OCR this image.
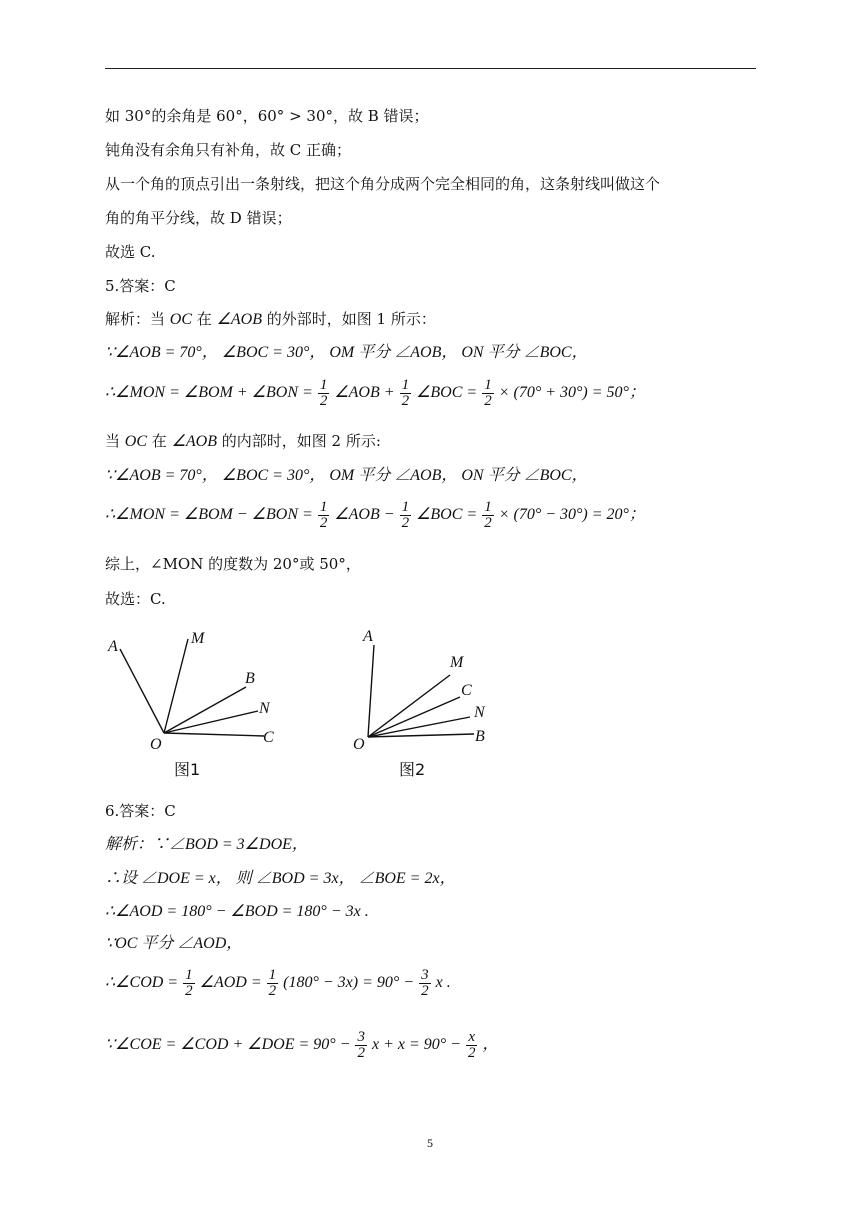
如 30°的余角是 60°，60° > 30°，故 B 错误；
钝角没有余角只有补角，故 C 正确；
从一个角的顶点引出一条射线，把这个角分成两个完全相同的角，这条射线叫做这个
角的角平分线，故 D 错误；
故选 C.
5.答案：C
解析：当 OC 在 ∠AOB 的外部时，如图 1 所示：
∵∠AOB = 70°， ∠BOC = 30°， OM 平分 ∠AOB， ON 平分 ∠BOC，
∴∠MON = ∠BOM + ∠BON = $\frac{1}{2}$ ∠AOB + $\frac{1}{2}$ ∠BOC = $\frac{1}{2} \times (70^\circ + 30^\circ) = 50^\circ$；
当 OC 在 ∠AOB 的内部时，如图 2 所示:
∵∠AOB = 70°， ∠BOC = 30°， OM 平分 ∠AOB， ON 平分 ∠BOC，
∴∠MON = ∠BOM − ∠BON = $\frac{1}{2}$ ∠AOB − $\frac{1}{2}$ ∠BOC = $\frac{1}{2} \times (70^\circ - 30^\circ) = 20^\circ$；
综上，∠MON 的度数为 20°或 50°，
故选：C.
A	M
B
N
C
O
A
M
C
N
B
O
图1	图2
6.答案：C
解析：∵∠BOD = 3∠DOE，
∴设 ∠DOE = x， 则 ∠BOD = 3x， ∠BOE = 2x，
∴∠AOD = 180° − ∠BOD = 180° − 3x .
∵OC 平分 ∠AOD，
∴∠COD = $\frac{1}{2}$ ∠AOD = $\frac{1}{2} (180^\circ - 3x) = 90^\circ - \frac{3}{2}$ x .
∵∠COE = ∠COD + ∠DOE = $90^\circ - \frac{3}{2}$ $x + x = 90^\circ - \frac{x}{2}$ ，
5
